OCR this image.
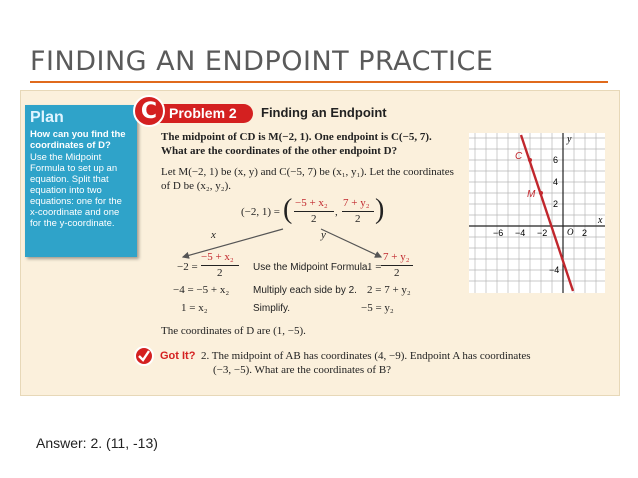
FINDING AN ENDPOINT PRACTICE
Plan
How can you find the coordinates of D?
Use the Midpoint Formula to set up an equation. Split that equation into two equations: one for the x-coordinate and one for the y-coordinate.
Problem 2
C	Finding an Endpoint
The midpoint of CD is M(−2, 1). One endpoint is C(−5, 7).
What are the coordinates of the other endpoint D?
Let M(−2, 1) be (x, y) and C(−5, 7) be (x₁, y₁). Let the coordinates
of D be (x₂, y₂).
(−2, 1) = ( −5 + x₂
2
,
7 + y₂
2 )
x	y
−2 =
−5 + x₂
2
−4 = −5 + x₂
1 = x₂
Use the Midpoint Formula.
Multiply each side by 2.
Simplify.
1 =
7 + y₂
2
2 = 7 + y₂
−5 = y₂
The coordinates of D are (1, −5).
C
M
y
x
O
−6 −4 −2	2
6
4
2
−4
Got It? 2. The midpoint of AB has coordinates (4, −9). Endpoint A has coordinates
(−3, −5). What are the coordinates of B?
Answer: 2. (11, -13)
